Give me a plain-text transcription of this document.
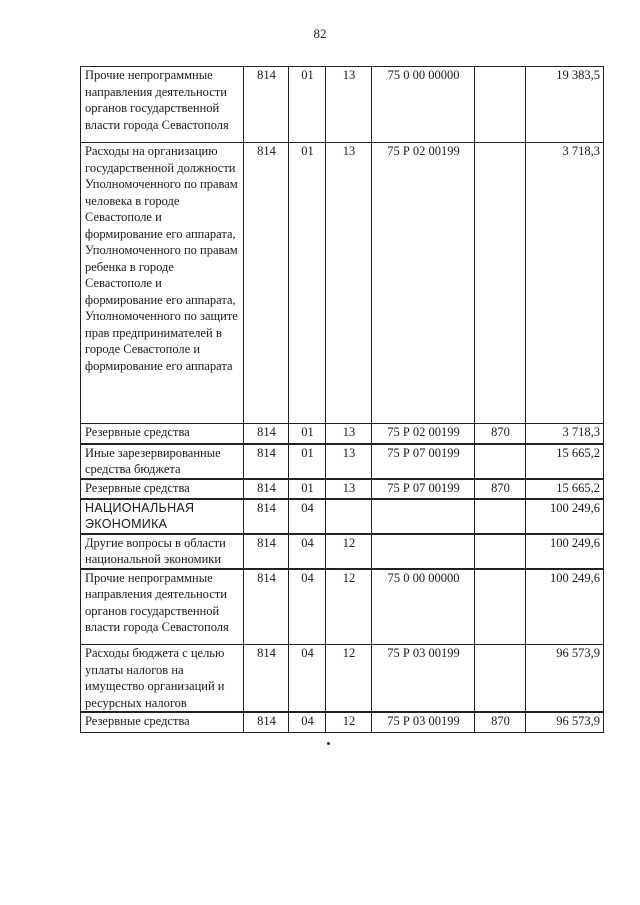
82
Прочие непрограммные направления деятельности органов государственной власти города Севастополя	814	01	13	75 0 00 00000		19 383,5
Расходы на организацию государственной должности Уполномоченного по правам человека в городе Севастополе и формирование его аппарата, Уполномоченного по правам ребенка в городе Севастополе и формирование его аппарата, Уполномоченного по защите прав предпринимателей в городе Севастополе и формирование его аппарата	814	01	13	75 Р 02 00199		3 718,3
Резервные средства	814	01	13	75 Р 02 00199	870	3 718,3
Иные зарезервированные средства бюджета	814	01	13	75 Р 07 00199		15 665,2
Резервные средства	814	01	13	75 Р 07 00199	870	15 665,2
НАЦИОНАЛЬНАЯ ЭКОНОМИКА	814	04				100 249,6
Другие вопросы в области национальной экономики	814	04	12			100 249,6
Прочие непрограммные направления деятельности органов государственной власти города Севастополя	814	04	12	75 0 00 00000		100 249,6
Расходы бюджета с целью уплаты налогов на имущество организаций и ресурсных налогов	814	04	12	75 Р 03 00199		96 573,9
Резервные средства	814	04	12	75 Р 03 00199	870	96 573,9
